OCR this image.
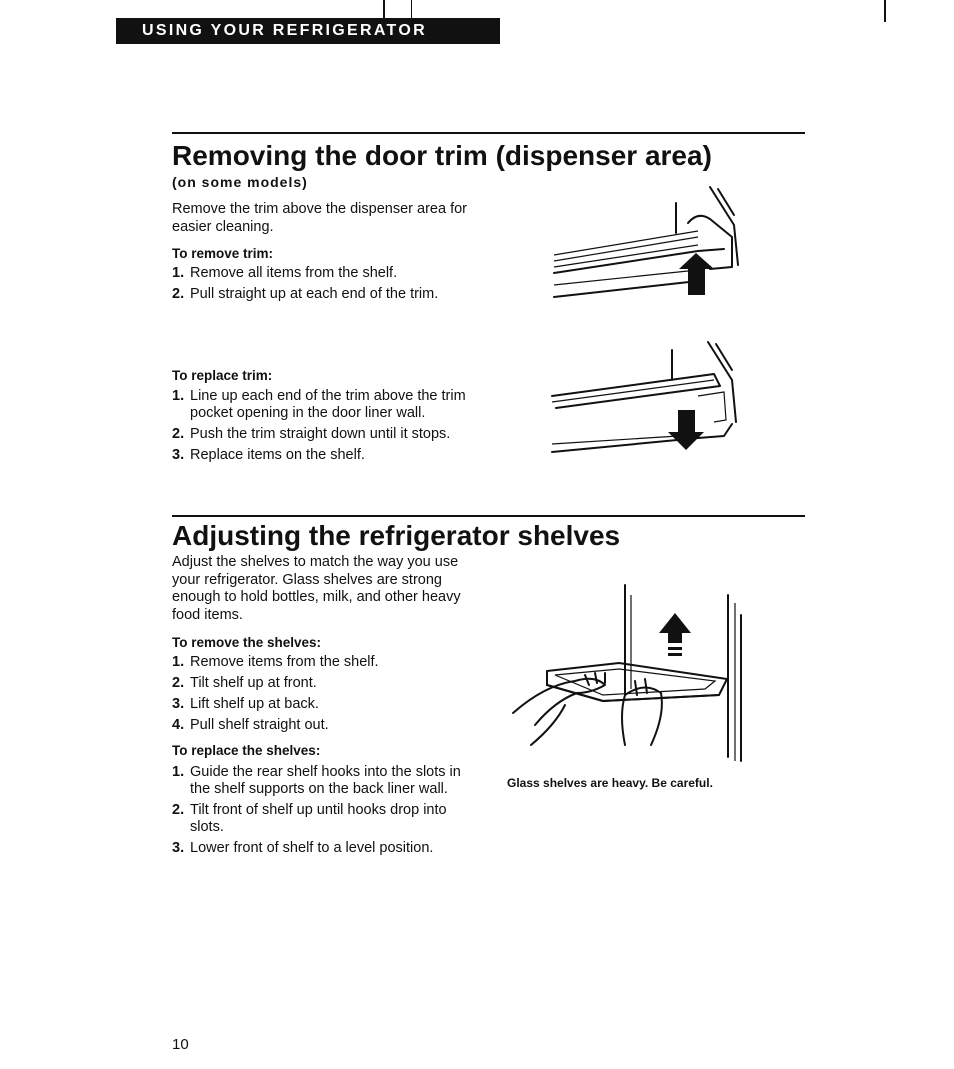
USING YOUR REFRIGERATOR
Removing the door trim (dispenser area)
(on some models)
Remove the trim above the dispenser area for easier cleaning.
To remove trim:
1. Remove all items from the shelf.
2. Pull straight up at each end of the trim.
To replace trim:
1. Line up each end of the trim above the trim pocket opening in the door liner wall.
2. Push the trim straight down until it stops.
3. Replace items on the shelf.
Adjusting the refrigerator shelves
Adjust the shelves to match the way you use your refrigerator. Glass shelves are strong enough to hold bottles, milk, and other heavy food items.
To remove the shelves:
1. Remove items from the shelf.
2. Tilt shelf up at front.
3. Lift shelf up at back.
4. Pull shelf straight out.
To replace the shelves:
1. Guide the rear shelf hooks into the slots in the shelf supports on the back liner wall.
2. Tilt front of shelf up until hooks drop into slots.
3. Lower front of shelf to a level position.
Glass shelves are heavy. Be careful.
10
